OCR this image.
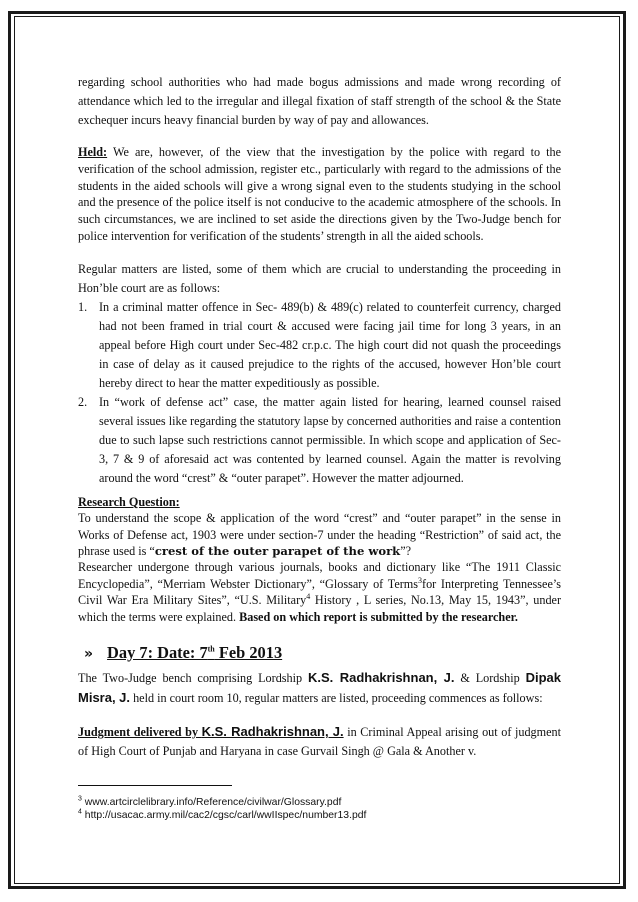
regarding school authorities who had made bogus admissions and made wrong recording of attendance which led to the irregular and illegal fixation of staff strength of the school & the State exchequer incurs heavy financial burden by way of pay and allowances.

Held: We are, however, of the view that the investigation by the police with regard to the verification of the school admission, register etc., particularly with regard to the admissions of the students in the aided schools will give a wrong signal even to the students studying in the school and the presence of the police itself is not conducive to the academic atmosphere of the schools. In such circumstances, we are inclined to set aside the directions given by the Two-Judge bench for police intervention for verification of the students’ strength in all the aided schools.

Regular matters are listed, some of them which are crucial to understanding the proceeding in Hon’ble court are as follows:

1. In a criminal matter offence in Sec- 489(b) & 489(c) related to counterfeit currency, charged had not been framed in trial court & accused were facing jail time for long 3 years, in an appeal before High court under Sec-482 cr.p.c. The high court did not quash the proceedings in case of delay as it caused prejudice to the rights of the accused, however Hon’ble court hereby direct to hear the matter expeditiously as possible.
2. In “work of defense act” case, the matter again listed for hearing, learned counsel raised several issues like regarding the statutory lapse by concerned authorities and raise a contention due to such lapse such restrictions cannot permissible. In which scope and application of Sec-3, 7 & 9 of aforesaid act was contented by learned counsel. Again the matter is revolving around the word “crest” & “outer parapet”. However the matter adjourned.

Research Question:

To understand the scope & application of the word “crest” and “outer parapet” in the sense in Works of Defense act, 1903 were under section-7 under the heading “Restriction” of said act, the phrase used is “crest of the outer parapet of the work”?

Researcher undergone through various journals, books and dictionary like “The 1911 Classic Encyclopedia”, “Merriam Webster Dictionary”, “Glossary of Terms$^3$for Interpreting Tennessee’s Civil War Era Military Sites”, “U.S. Military$^4$ History , L series, No.13, May 15, 1943”, under which the terms were explained. Based on which report is submitted by the researcher.

» Day 7: Date: 7th Feb 2013

The Two-Judge bench comprising Lordship K.S. Radhakrishnan, J. & Lordship Dipak Misra, J. held in court room 10, regular matters are listed, proceeding commences as follows:

Judgment delivered by K.S. Radhakrishnan, J. in Criminal Appeal arising out of judgment of High Court of Punjab and Haryana in case Gurvail Singh @ Gala & Another v.

$^3$ www.artcirclelibrary.info/Reference/civilwar/Glossary.pdf
$^4$ http://usacac.army.mil/cac2/cgsc/carl/wwIIspec/number13.pdf
